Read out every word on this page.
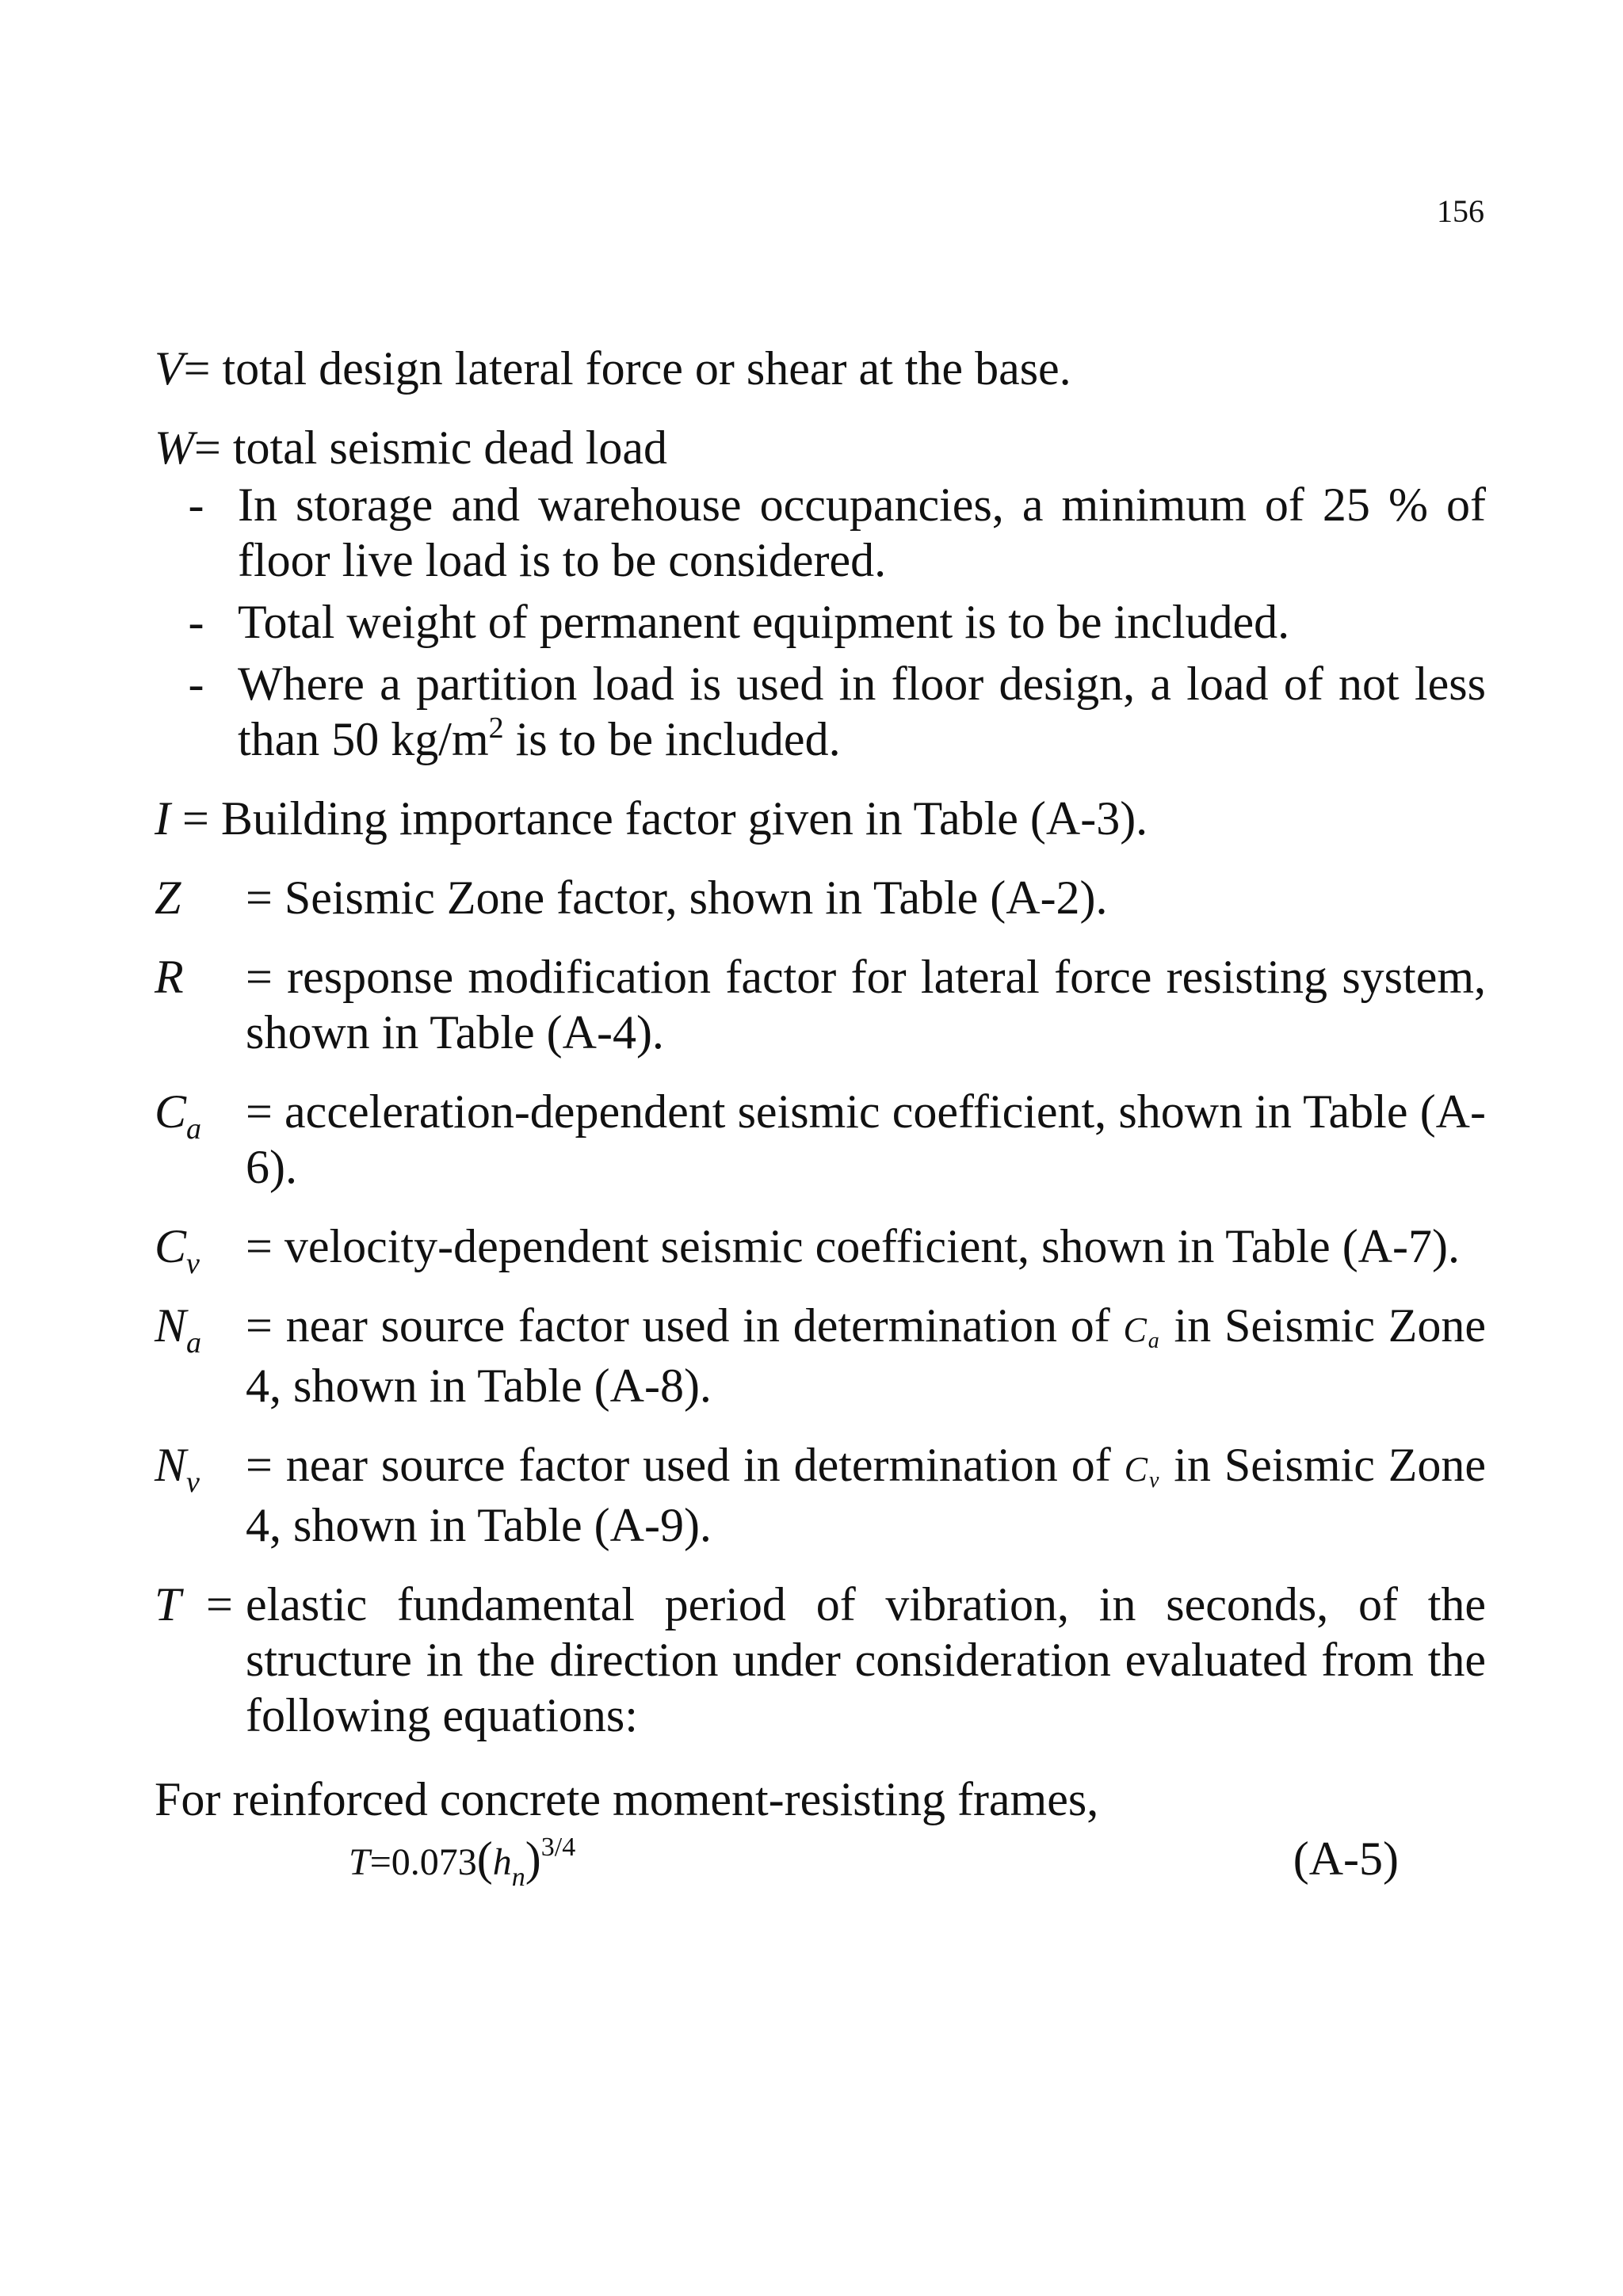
156

V= total design lateral force or shear at the base.

W= total seismic dead load

- In storage and warehouse occupancies, a minimum of 25 % of floor live load is to be considered.
- Total weight of permanent equipment is to be included.
- Where a partition load is used in floor design, a load of not less than 50 $kg/m^2$ is to be included.

I = Building importance factor given in Table (A-3).

Z	= Seismic Zone factor, shown in Table (A-2).
R	= response modification factor for lateral force resisting system, shown in Table (A-4).
$C_a$ = acceleration-dependent seismic coefficient, shown in Table (A-6).
$C_v$ = velocity-dependent seismic coefficient, shown in Table (A-7).
$N_a$ = near source factor used in determination of $C_a$ in Seismic Zone 4, shown in Table (A-8).
$N_v$ = near source factor used in determination of $C_v$ in Seismic Zone 4, shown in Table (A-9).
T = elastic fundamental period of vibration, in seconds, of the structure in the direction under consideration evaluated from the following equations:

For reinforced concrete moment-resisting frames,

$T=0.073(h_n)^{3/4}$	(A-5)
